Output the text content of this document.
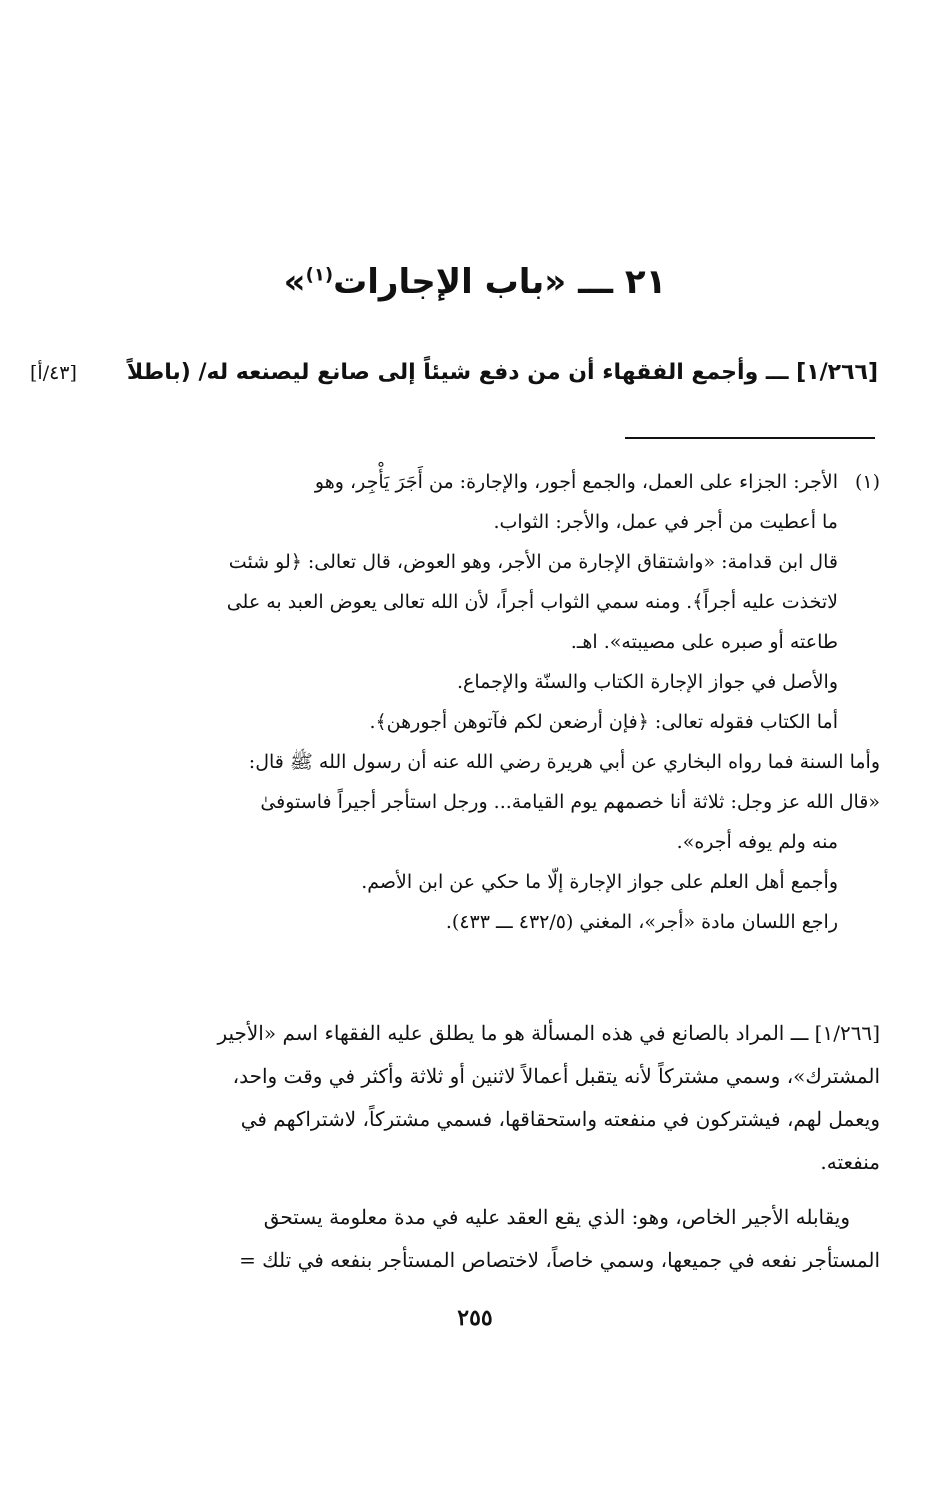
٢١ ـــ «باب الإجارات$^{(١)}$»
[١/٢٦٦] ـــ وأجمع الفقهاء أن من دفع شيئاً إلى صانع ليصنعه له/ (باطلاً
[٤٣/أ]
(١)
الأجر: الجزاء على العمل، والجمع أجور، والإجارة: من أَجَرَ يَأْجِر، وهو
ما أعطيت من أجر في عمل، والأجر: الثواب.
قال ابن قدامة: «واشتقاق الإجارة من الأجر، وهو العوض، قال تعالى: ﴿لو شئت
لاتخذت عليه أجراً﴾. ومنه سمي الثواب أجراً، لأن الله تعالى يعوض العبد به على
طاعته أو صبره على مصيبته». اهـ.
والأصل في جواز الإجارة الكتاب والسنّة والإجماع.
أما الكتاب فقوله تعالى: ﴿فإن أرضعن لكم فآتوهن أجورهن﴾.
وأما السنة فما رواه البخاري عن أبي هريرة رضي الله عنه أن رسول الله ﷺ قال:
«قال الله عز وجل: ثلاثة أنا خصمهم يوم القيامة... ورجل استأجر أجيراً فاستوفىٰ
منه ولم يوفه أجره».
وأجمع أهل العلم على جواز الإجارة إلّا ما حكي عن ابن الأصم.
راجع اللسان مادة «أجر»، المغني (٤٣٢/٥ ـــ ٤٣٣).
[١/٢٦٦] ـــ المراد بالصانع في هذه المسألة هو ما يطلق عليه الفقهاء اسم «الأجير
المشترك»، وسمي مشتركاً لأنه يتقبل أعمالاً لاثنين أو ثلاثة وأكثر في وقت واحد،
ويعمل لهم، فيشتركون في منفعته واستحقاقها، فسمي مشتركاً، لاشتراكهم في
منفعته.
ويقابله الأجير الخاص، وهو: الذي يقع العقد عليه في مدة معلومة يستحق
المستأجر نفعه في جميعها، وسمي خاصاً، لاختصاص المستأجر بنفعه في تلك =
٢٥٥
